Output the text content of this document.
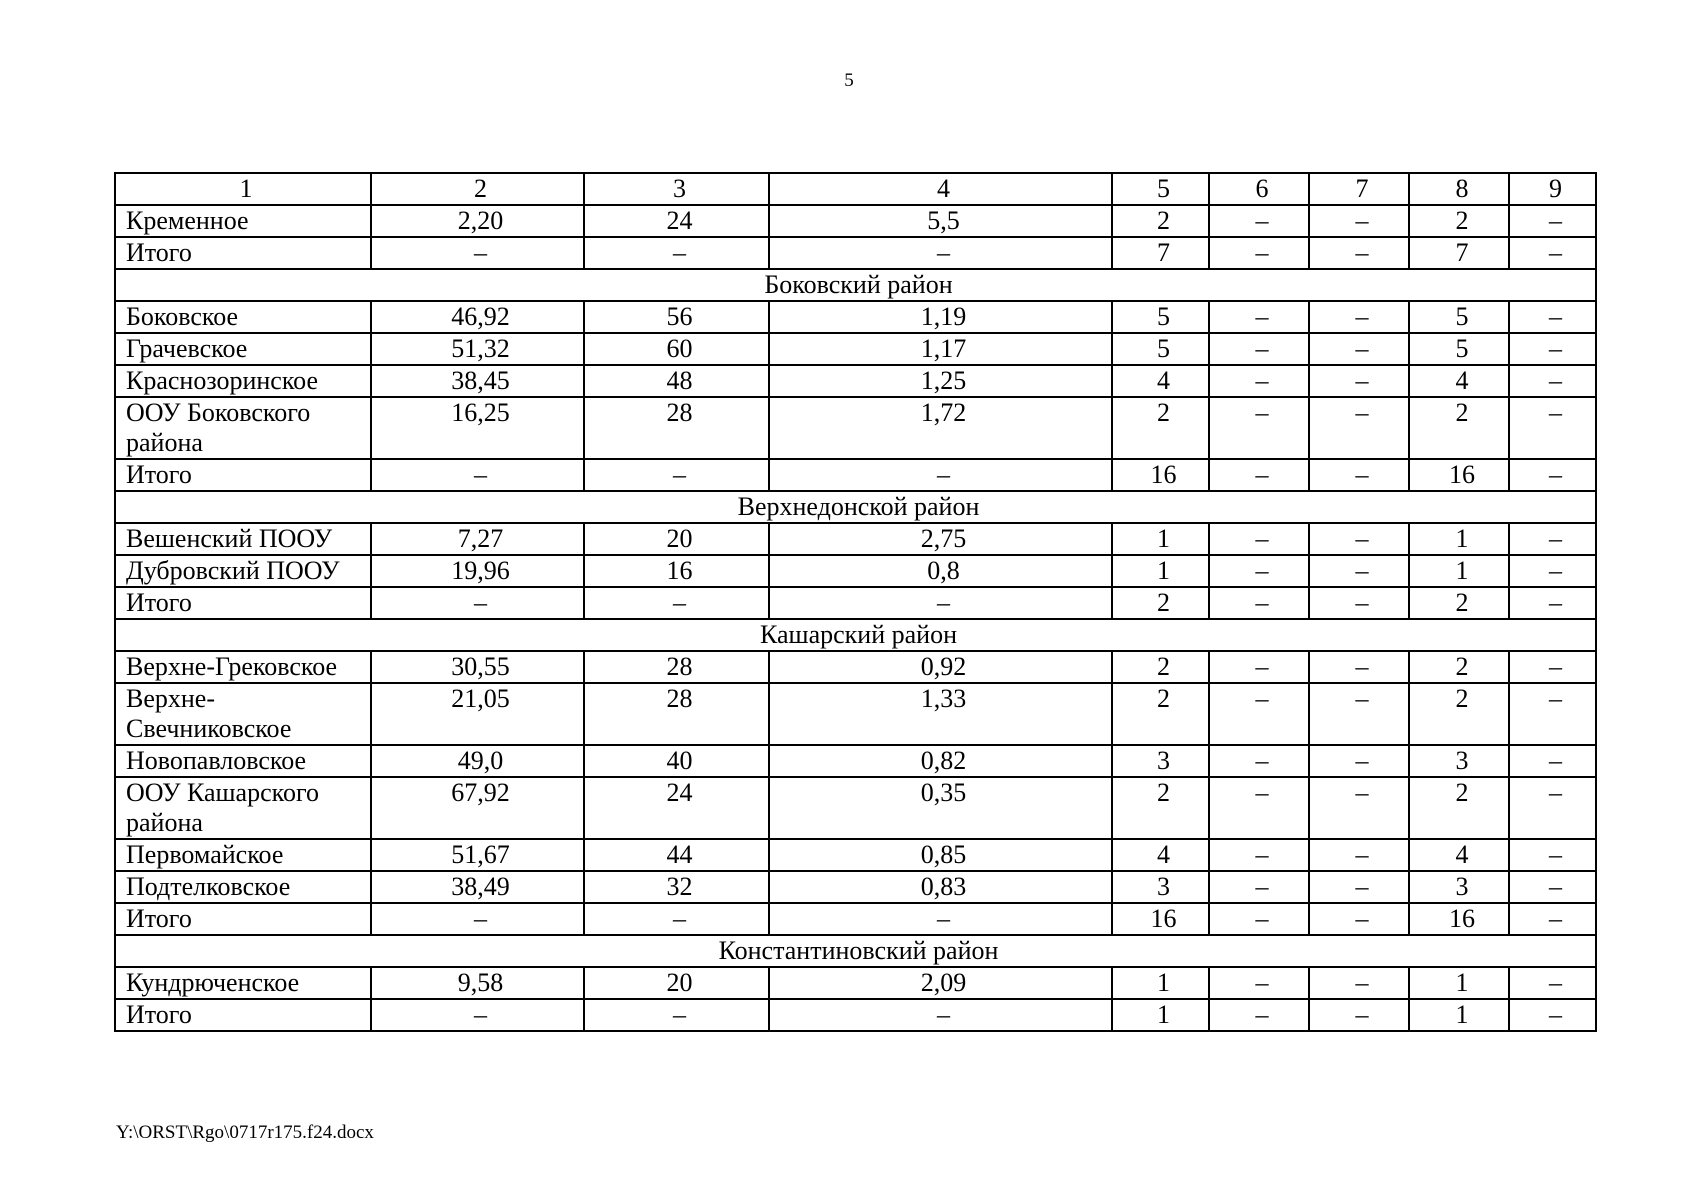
5
1	2	3	4	5	6	7	8	9
Кременное	2,20	24	5,5	2	–	–	2	–
Итого	–	–	–	7	–	–	7	–
Боковский район								
Боковское	46,92	56	1,19	5	–	–	5	–
Грачевское	51,32	60	1,17	5	–	–	5	–
Краснозоринское	38,45	48	1,25	4	–	–	4	–
ООУ Боковского района	16,25	28	1,72	2	–	–	2	–
Итого	–	–	–	16	–	–	16	–
Верхнедонской район								
Вешенский ПООУ	7,27	20	2,75	1	–	–	1	–
Дубровский ПООУ	19,96	16	0,8	1	–	–	1	–
Итого	–	–	–	2	–	–	2	–
Кашарский район								
Верхне-Грековское	30,55	28	0,92	2	–	–	2	–
Верхне-Свечниковское	21,05	28	1,33	2	–	–	2	–
Новопавловское	49,0	40	0,82	3	–	–	3	–
ООУ Кашарского района	67,92	24	0,35	2	–	–	2	–
Первомайское	51,67	44	0,85	4	–	–	4	–
Подтелковское	38,49	32	0,83	3	–	–	3	–
Итого	–	–	–	16	–	–	16	–
Константиновский район								
Кундрюченское	9,58	20	2,09	1	–	–	1	–
Итого	–	–	–	1	–	–	1	–
Y:\ORST\Rgo\0717r175.f24.docx
